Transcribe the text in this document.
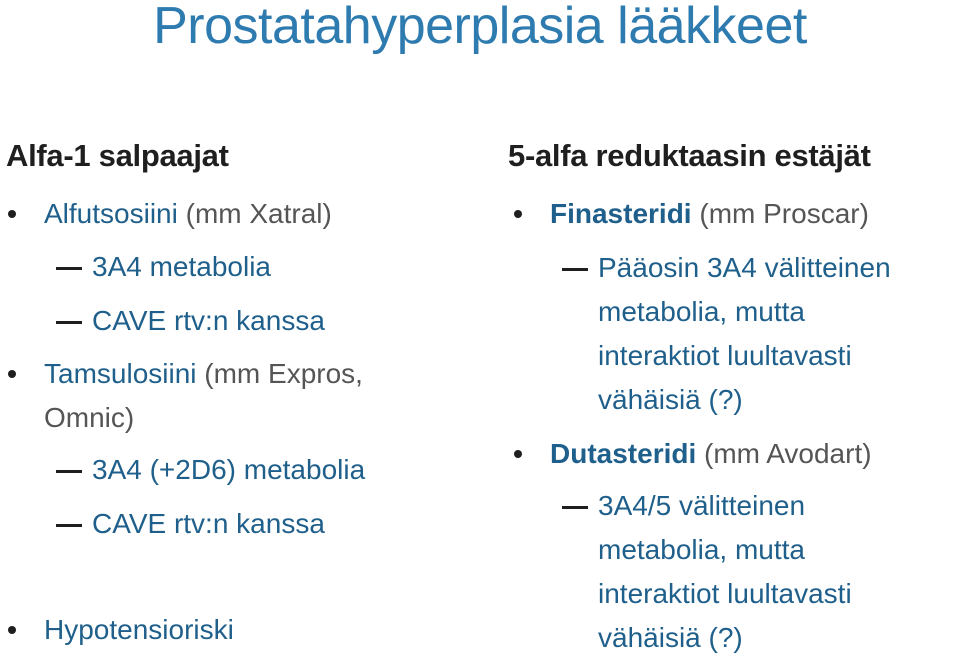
Prostatahyperplasia lääkkeet
Alfa-1 salpaajat
Alfutsosiini (mm Xatral)
3A4 metabolia
CAVE rtv:n kanssa
Tamsulosiini (mm Expros,
Omnic)
3A4 (+2D6) metabolia
CAVE rtv:n kanssa
Hypotensioriski
5-alfa reduktaasin estäjät
Finasteridi (mm Proscar)
Pääosin 3A4 välitteinen
metabolia, mutta
interaktiot luultavasti
vähäisiä (?)
Dutasteridi (mm Avodart)
3A4/5 välitteinen
metabolia, mutta
interaktiot luultavasti
vähäisiä (?)
